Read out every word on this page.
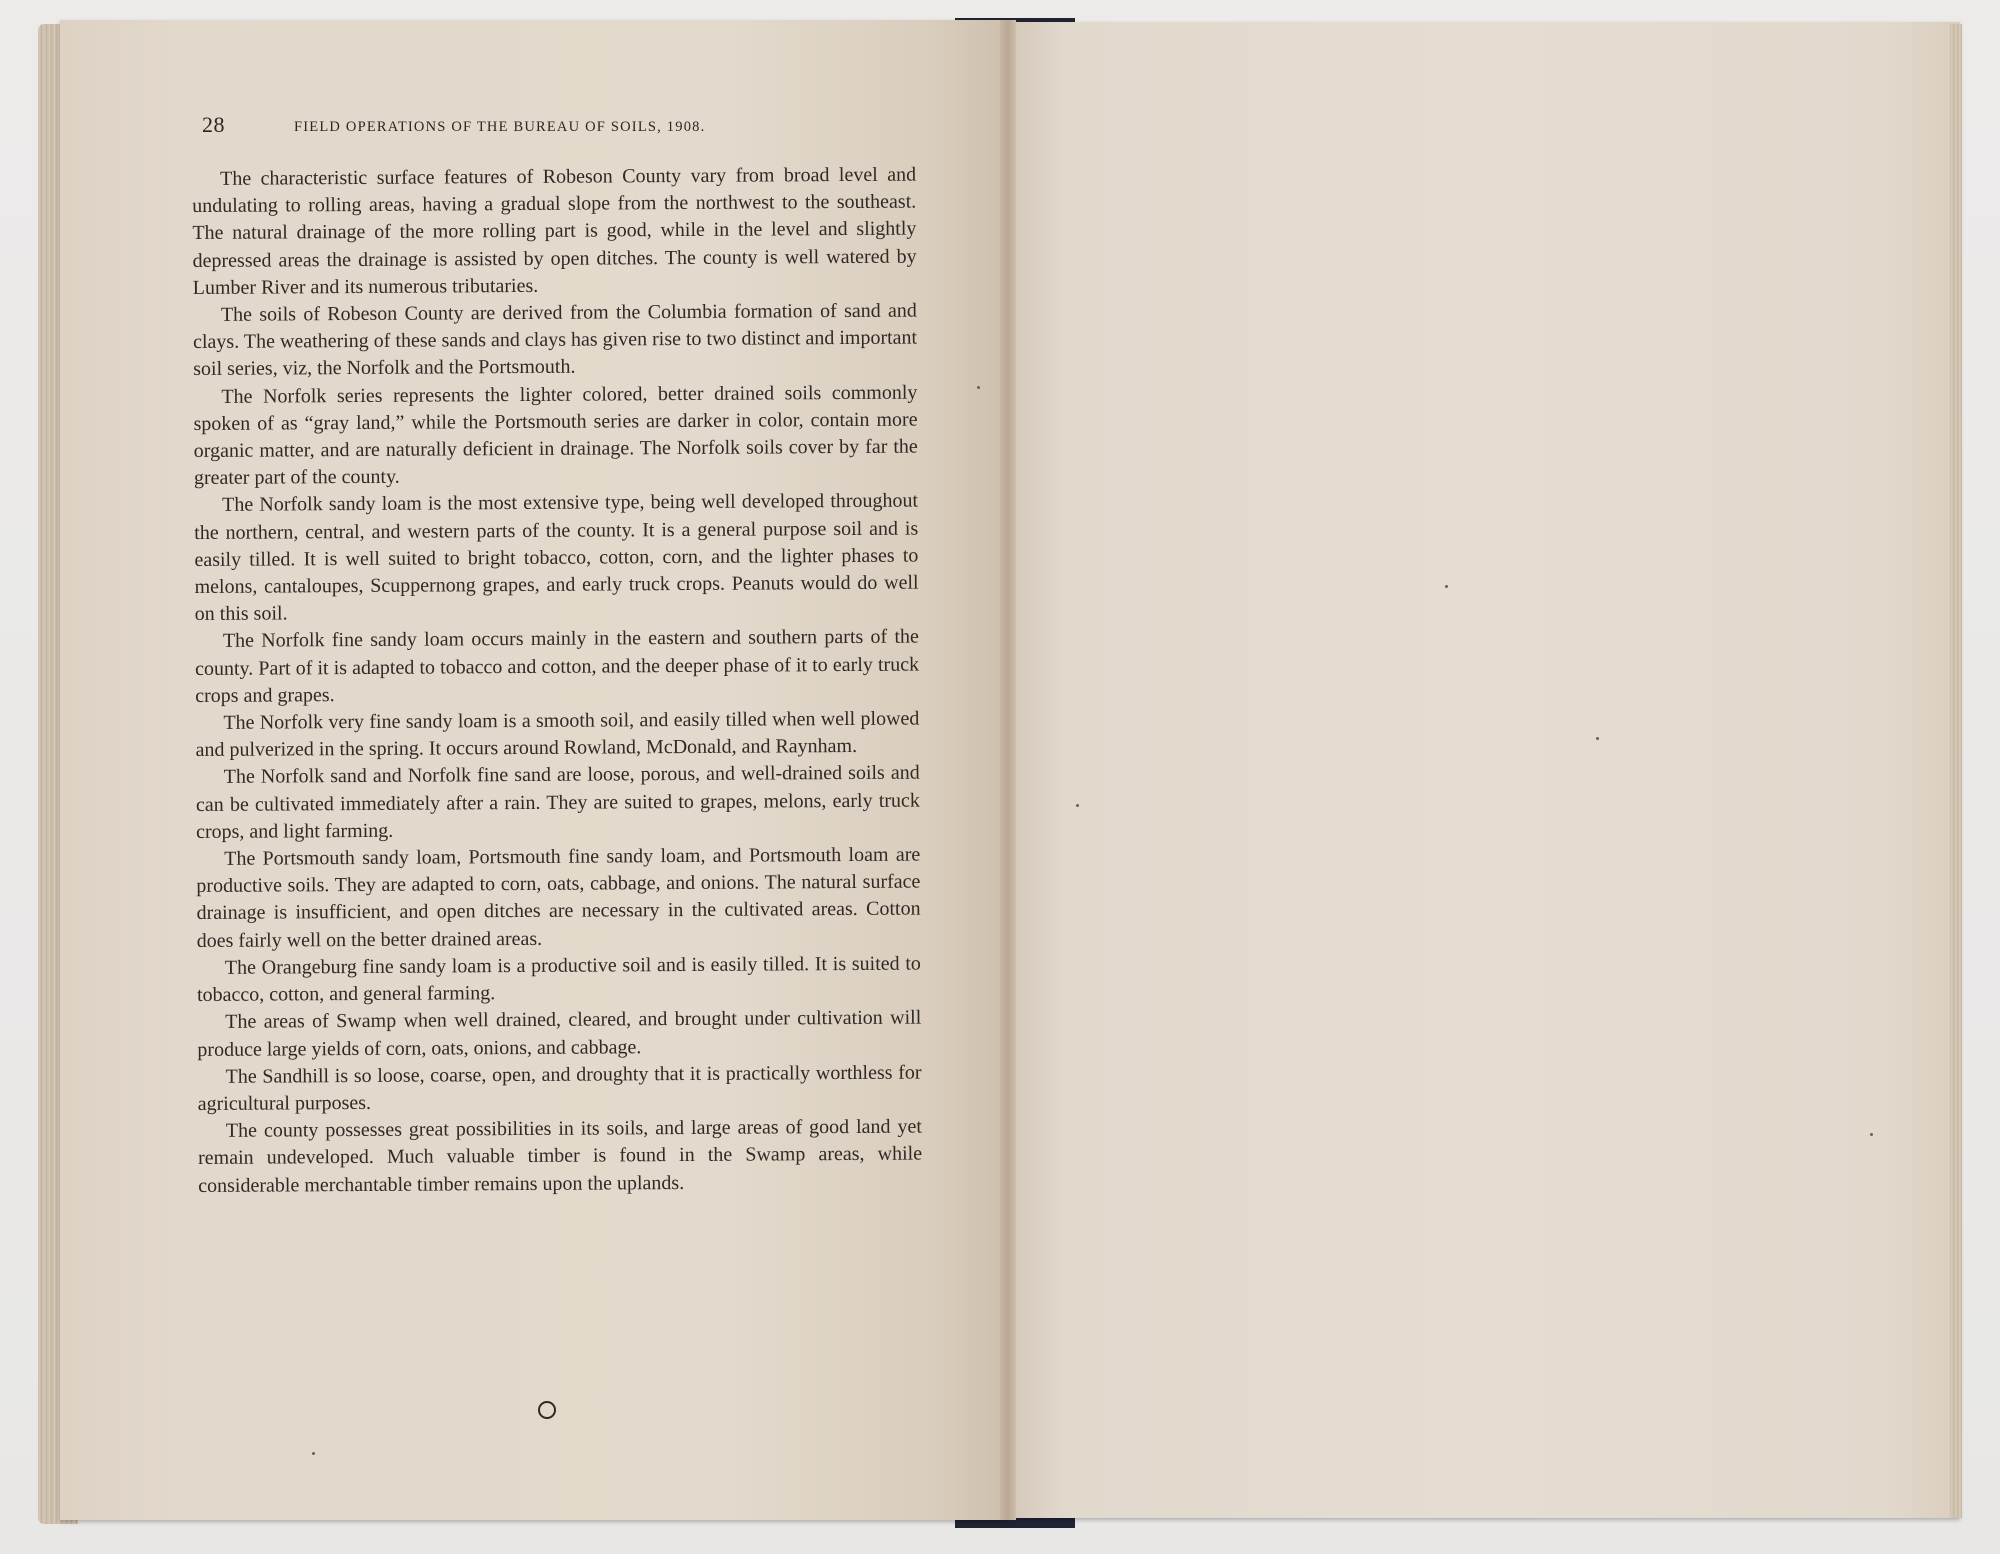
28	FIELD OPERATIONS OF THE BUREAU OF SOILS, 1908.

The characteristic surface features of Robeson County vary from broad level and undulating to rolling areas, having a gradual slope from the northwest to the southeast. The natural drainage of the more rolling part is good, while in the level and slightly depressed areas the drainage is assisted by open ditches. The county is well watered by Lumber River and its numerous tributaries.

The soils of Robeson County are derived from the Columbia formation of sand and clays. The weathering of these sands and clays has given rise to two distinct and important soil series, viz, the Norfolk and the Portsmouth.

The Norfolk series represents the lighter colored, better drained soils commonly spoken of as “gray land,” while the Portsmouth series are darker in color, contain more organic matter, and are naturally deficient in drainage. The Norfolk soils cover by far the greater part of the county.

The Norfolk sandy loam is the most extensive type, being well developed throughout the northern, central, and western parts of the county. It is a general purpose soil and is easily tilled. It is well suited to bright tobacco, cotton, corn, and the lighter phases to melons, cantaloupes, Scuppernong grapes, and early truck crops. Peanuts would do well on this soil.

The Norfolk fine sandy loam occurs mainly in the eastern and southern parts of the county. Part of it is adapted to tobacco and cotton, and the deeper phase of it to early truck crops and grapes.

The Norfolk very fine sandy loam is a smooth soil, and easily tilled when well plowed and pulverized in the spring. It occurs around Rowland, McDonald, and Raynham.

The Norfolk sand and Norfolk fine sand are loose, porous, and well-drained soils and can be cultivated immediately after a rain. They are suited to grapes, melons, early truck crops, and light farming.

The Portsmouth sandy loam, Portsmouth fine sandy loam, and Portsmouth loam are productive soils. They are adapted to corn, oats, cabbage, and onions. The natural surface drainage is insufficient, and open ditches are necessary in the cultivated areas. Cotton does fairly well on the better drained areas.

The Orangeburg fine sandy loam is a productive soil and is easily tilled. It is suited to tobacco, cotton, and general farming.

The areas of Swamp when well drained, cleared, and brought under cultivation will produce large yields of corn, oats, onions, and cabbage.

The Sandhill is so loose, coarse, open, and droughty that it is practically worthless for agricultural purposes.

The county possesses great possibilities in its soils, and large areas of good land yet remain undeveloped. Much valuable timber is found in the Swamp areas, while considerable merchantable timber remains upon the uplands.
